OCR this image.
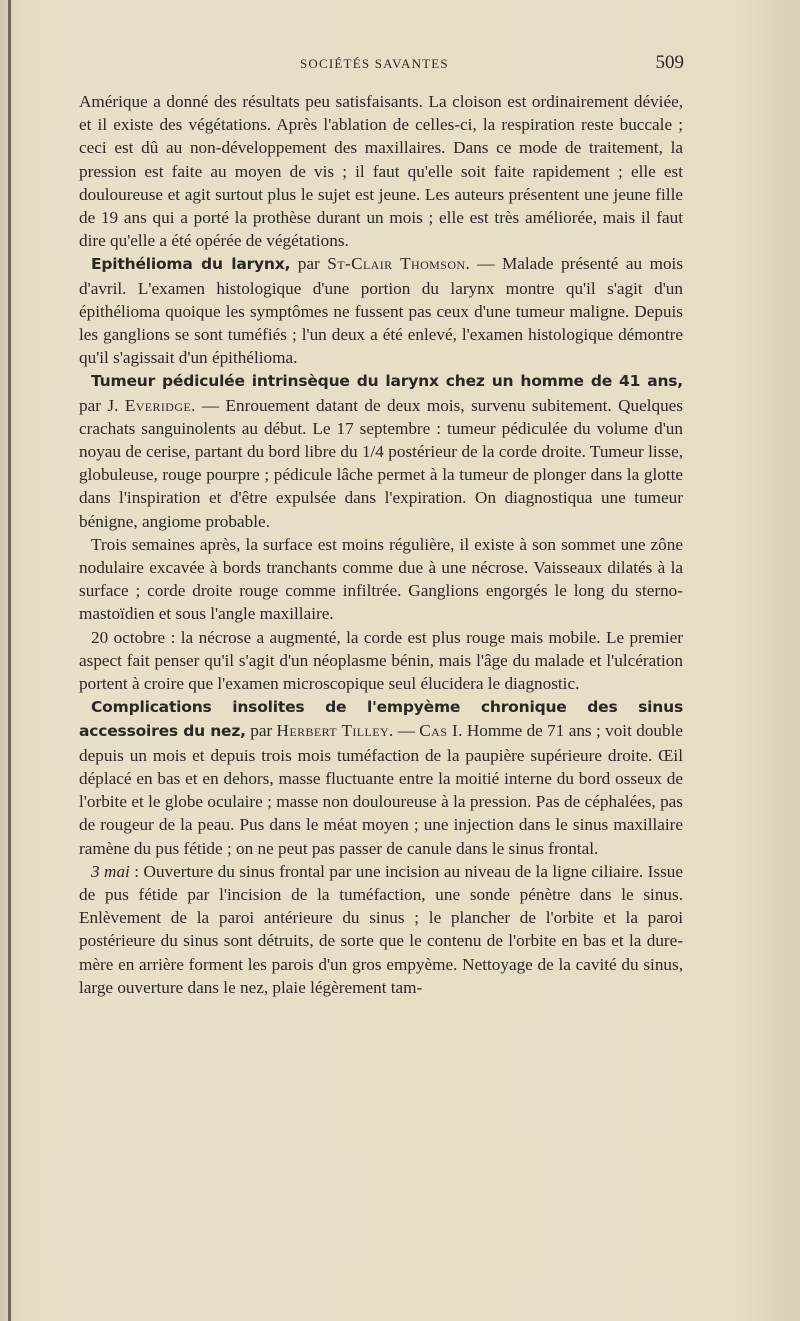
SOCIÉTÉS SAVANTES	509

Amérique a donné des résultats peu satisfaisants. La cloison est ordinairement déviée, et il existe des végétations. Après l'ablation de celles-ci, la respiration reste buccale ; ceci est dû au non-développement des maxillaires. Dans ce mode de traitement, la pression est faite au moyen de vis ; il faut qu'elle soit faite rapidement ; elle est douloureuse et agit surtout plus le sujet est jeune. Les auteurs présentent une jeune fille de 19 ans qui a porté la prothèse durant un mois ; elle est très améliorée, mais il faut dire qu'elle a été opérée de végétations.

Epithélioma du larynx, par St-Clair Thomson. — Malade présenté au mois d'avril. L'examen histologique d'une portion du larynx montre qu'il s'agit d'un épithélioma quoique les symptômes ne fussent pas ceux d'une tumeur maligne. Depuis les ganglions se sont tuméfiés ; l'un deux a été enlevé, l'examen histologique démontre qu'il s'agissait d'un épithélioma.

Tumeur pédiculée intrinsèque du larynx chez un homme de 41 ans, par J. Everidge. — Enrouement datant de deux mois, survenu subitement. Quelques crachats sanguinolents au début. Le 17 septembre : tumeur pédiculée du volume d'un noyau de cerise, partant du bord libre du 1/4 postérieur de la corde droite. Tumeur lisse, globuleuse, rouge pourpre ; pédicule lâche permet à la tumeur de plonger dans la glotte dans l'inspiration et d'être expulsée dans l'expiration. On diagnostiqua une tumeur bénigne, angiome probable.

Trois semaines après, la surface est moins régulière, il existe à son sommet une zône nodulaire excavée à bords tranchants comme due à une nécrose. Vaisseaux dilatés à la surface ; corde droite rouge comme infiltrée. Ganglions engorgés le long du sterno-mastoïdien et sous l'angle maxillaire.

20 octobre : la nécrose a augmenté, la corde est plus rouge mais mobile. Le premier aspect fait penser qu'il s'agit d'un néoplasme bénin, mais l'âge du malade et l'ulcération portent à croire que l'examen microscopique seul élucidera le diagnostic.

Complications insolites de l'empyème chronique des sinus accessoires du nez, par Herbert Tilley. — Cas I. Homme de 71 ans ; voit double depuis un mois et depuis trois mois tuméfaction de la paupière supérieure droite. Œil déplacé en bas et en dehors, masse fluctuante entre la moitié interne du bord osseux de l'orbite et le globe oculaire ; masse non douloureuse à la pression. Pas de céphalées, pas de rougeur de la peau. Pus dans le méat moyen ; une injection dans le sinus maxillaire ramène du pus fétide ; on ne peut pas passer de canule dans le sinus frontal.

3 mai : Ouverture du sinus frontal par une incision au niveau de la ligne ciliaire. Issue de pus fétide par l'incision de la tuméfaction, une sonde pénètre dans le sinus. Enlèvement de la paroi antérieure du sinus ; le plancher de l'orbite et la paroi postérieure du sinus sont détruits, de sorte que le contenu de l'orbite en bas et la dure-mère en arrière forment les parois d'un gros empyème. Nettoyage de la cavité du sinus, large ouverture dans le nez, plaie légèrement tam-
